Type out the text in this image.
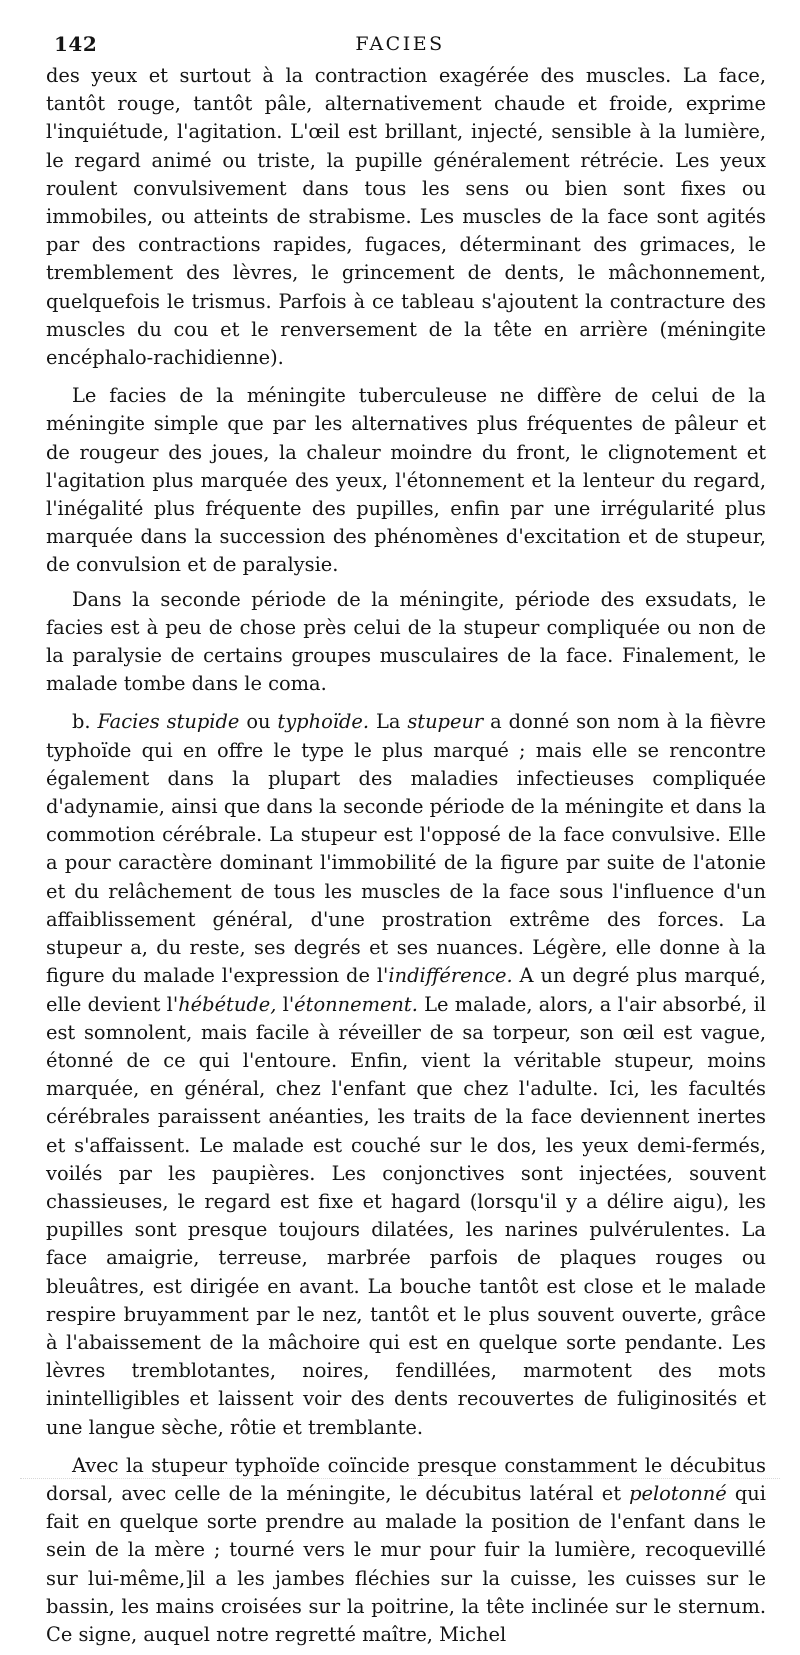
142	FACIES

des yeux et surtout à la contraction exagérée des muscles. La face, tantôt rouge, tantôt pâle, alternativement chaude et froide, exprime l'inquiétude, l'agitation. L'œil est brillant, injecté, sensible à la lumière, le regard animé ou triste, la pupille généralement rétrécie. Les yeux roulent convulsivement dans tous les sens ou bien sont fixes ou immobiles, ou atteints de strabisme. Les muscles de la face sont agités par des contractions rapides, fugaces, déterminant des grimaces, le tremblement des lèvres, le grincement de dents, le mâchonnement, quelquefois le trismus. Parfois à ce tableau s'ajoutent la contracture des muscles du cou et le renversement de la tête en arrière (méningite encéphalo-rachidienne).

Le facies de la méningite tuberculeuse ne diffère de celui de la méningite simple que par les alternatives plus fréquentes de pâleur et de rougeur des joues, la chaleur moindre du front, le clignotement et l'agitation plus marquée des yeux, l'étonnement et la lenteur du regard, l'inégalité plus fréquente des pupilles, enfin par une irrégularité plus marquée dans la succession des phénomènes d'excitation et de stupeur, de convulsion et de paralysie.

Dans la seconde période de la méningite, période des exsudats, le facies est à peu de chose près celui de la stupeur compliquée ou non de la paralysie de certains groupes musculaires de la face. Finalement, le malade tombe dans le coma.

b. Facies stupide ou typhoïde. La stupeur a donné son nom à la fièvre typhoïde qui en offre le type le plus marqué ; mais elle se rencontre également dans la plupart des maladies infectieuses compliquée d'adynamie, ainsi que dans la seconde période de la méningite et dans la commotion cérébrale. La stupeur est l'opposé de la face convulsive. Elle a pour caractère dominant l'immobilité de la figure par suite de l'atonie et du relâchement de tous les muscles de la face sous l'influence d'un affaiblissement général, d'une prostration extrême des forces. La stupeur a, du reste, ses degrés et ses nuances. Légère, elle donne à la figure du malade l'expression de l'indifférence. A un degré plus marqué, elle devient l'hébétude, l'étonnement. Le malade, alors, a l'air absorbé, il est somnolent, mais facile à réveiller de sa torpeur, son œil est vague, étonné de ce qui l'entoure. Enfin, vient la véritable stupeur, moins marquée, en général, chez l'enfant que chez l'adulte. Ici, les facultés cérébrales paraissent anéanties, les traits de la face deviennent inertes et s'affaissent. Le malade est couché sur le dos, les yeux demi-fermés, voilés par les paupières. Les conjonctives sont injectées, souvent chassieuses, le regard est fixe et hagard (lorsqu'il y a délire aigu), les pupilles sont presque toujours dilatées, les narines pulvérulentes. La face amaigrie, terreuse, marbrée parfois de plaques rouges ou bleuâtres, est dirigée en avant. La bouche tantôt est close et le malade respire bruyamment par le nez, tantôt et le plus souvent ouverte, grâce à l'abaissement de la mâchoire qui est en quelque sorte pendante. Les lèvres tremblotantes, noires, fendillées, marmotent des mots inintelligibles et laissent voir des dents recouvertes de fuliginosités et une langue sèche, rôtie et tremblante.

Avec la stupeur typhoïde coïncide presque constamment le décubitus dorsal, avec celle de la méningite, le décubitus latéral et pelotonné qui fait en quelque sorte prendre au malade la position de l'enfant dans le sein de la mère ; tourné vers le mur pour fuir la lumière, recoquevillé sur lui-même,]il a les jambes fléchies sur la cuisse, les cuisses sur le bassin, les mains croisées sur la poitrine, la tête inclinée sur le sternum. Ce signe, auquel notre regretté maître, Michel
